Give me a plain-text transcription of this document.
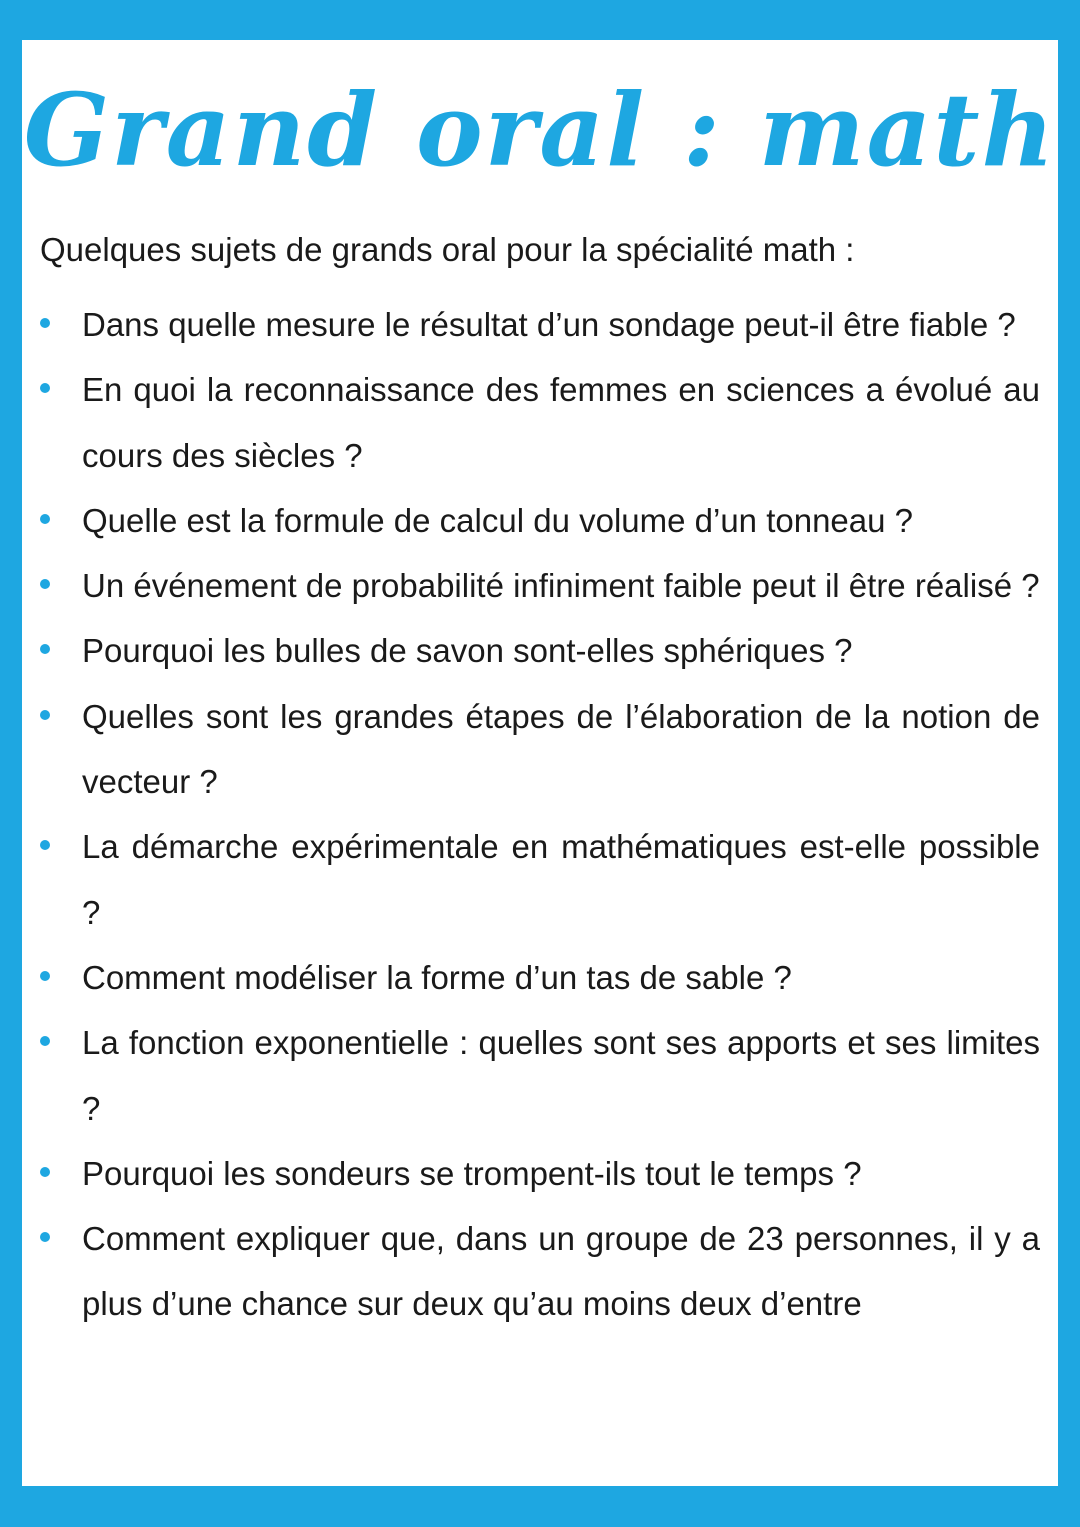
Grand oral : math

Quelques sujets de grands oral pour la spécialité math :

Dans quelle mesure le résultat d’un sondage peut-il être fiable ?
En quoi la reconnaissance des femmes en sciences a évolué au cours des siècles ?
Quelle est la formule de calcul du volume d’un tonneau ?
Un événement de probabilité infiniment faible peut il être réalisé ?
Pourquoi les bulles de savon sont-elles sphériques ?
Quelles sont les grandes étapes de l’élaboration de la notion de vecteur ?
La démarche expérimentale en mathématiques est-elle possible ?
Comment modéliser la forme d’un tas de sable ?
La fonction exponentielle : quelles sont ses apports et ses limites ?
Pourquoi les sondeurs se trompent-ils tout le temps ?
Comment expliquer que, dans un groupe de 23 personnes, il y a plus d’une chance sur deux qu’au moins deux d’entre
